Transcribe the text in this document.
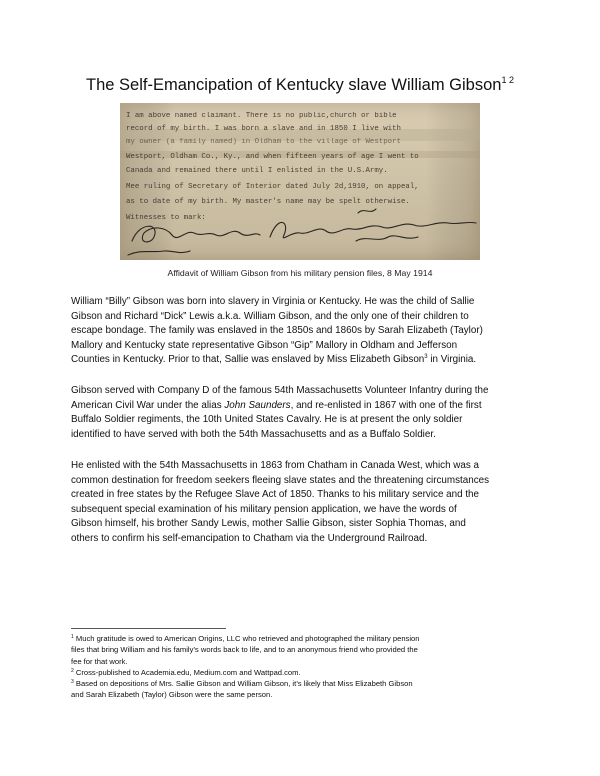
The Self-Emancipation of Kentucky slave William Gibson$^{1 2}$
I am above named claimant. There is no public,church or bible
record of my birth. I was born a slave and in 1850 I live with
my owner (a family named) in Oldham to the village of Westport
Westport, Oldham Co., Ky., and when fifteen years of age I went to
Canada and remained there until I enlisted in the U.S.Army.
Mee ruling of Secretary of Interior dated July 2d,1910, on appeal,
as to date of my birth. My master's name may be spelt otherwise.
Witnesses to mark:
Affidavit of William Gibson from his military pension files, 8 May 1914

William “Billy” Gibson was born into slavery in Virginia or Kentucky. He was the child of Sallie
Gibson and Richard “Dick” Lewis a.k.a. William Gibson, and the only one of their children to
escape bondage. The family was enslaved in the 1850s and 1860s by Sarah Elizabeth (Taylor)
Mallory and Kentucky state representative Gibson “Gip” Mallory in Oldham and Jefferson
Counties in Kentucky. Prior to that, Sallie was enslaved by Miss Elizabeth Gibson$^3$ in Virginia.

Gibson served with Company D of the famous 54th Massachusetts Volunteer Infantry during the
American Civil War under the alias John Saunders, and re-enlisted in 1867 with one of the first
Buffalo Soldier regiments, the 10th United States Cavalry. He is at present the only soldier
identified to have served with both the 54th Massachusetts and as a Buffalo Soldier.

He enlisted with the 54th Massachusetts in 1863 from Chatham in Canada West, which was a
common destination for freedom seekers fleeing slave states and the threatening circumstances
created in free states by the Refugee Slave Act of 1850. Thanks to his military service and the
subsequent special examination of his military pension application, we have the words of
Gibson himself, his brother Sandy Lewis, mother Sallie Gibson, sister Sophia Thomas, and
others to confirm his self-emancipation to Chatham via the Underground Railroad.

$^1$ Much gratitude is owed to American Origins, LLC who retrieved and photographed the military pension
files that bring William and his family’s words back to life, and to an anonymous friend who provided the
fee for that work.
$^2$ Cross-published to Academia.edu, Medium.com and Wattpad.com.
$^3$ Based on depositions of Mrs. Sallie Gibson and William Gibson, it’s likely that Miss Elizabeth Gibson
and Sarah Elizabeth (Taylor) Gibson were the same person.
